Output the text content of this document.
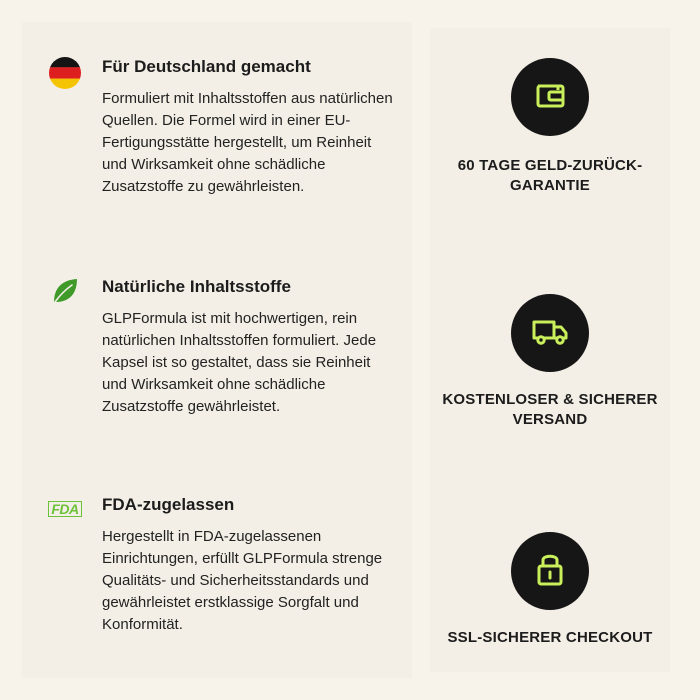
Für Deutschland gemacht

Formuliert mit Inhaltsstoffen aus natürlichen Quellen. Die Formel wird in einer EU-Fertigungsstätte hergestellt, um Reinheit und Wirksamkeit ohne schädliche Zusatzstoffe zu gewährleisten.

Natürliche Inhaltsstoffe

GLPFormula ist mit hochwertigen, rein natürlichen Inhaltsstoffen formuliert. Jede Kapsel ist so gestaltet, dass sie Reinheit und Wirksamkeit ohne schädliche Zusatzstoffe gewährleistet.

FDA FDA-zugelassen

Hergestellt in FDA-zugelassenen Einrichtungen, erfüllt GLPFormula strenge Qualitäts- und Sicherheitsstandards und gewährleistet erstklassige Sorgfalt und Konformität.

60 TAGE GELD-ZURÜCK-
GARANTIE
KOSTENLOSER & SICHERER
VERSAND
SSL-SICHERER CHECKOUT
